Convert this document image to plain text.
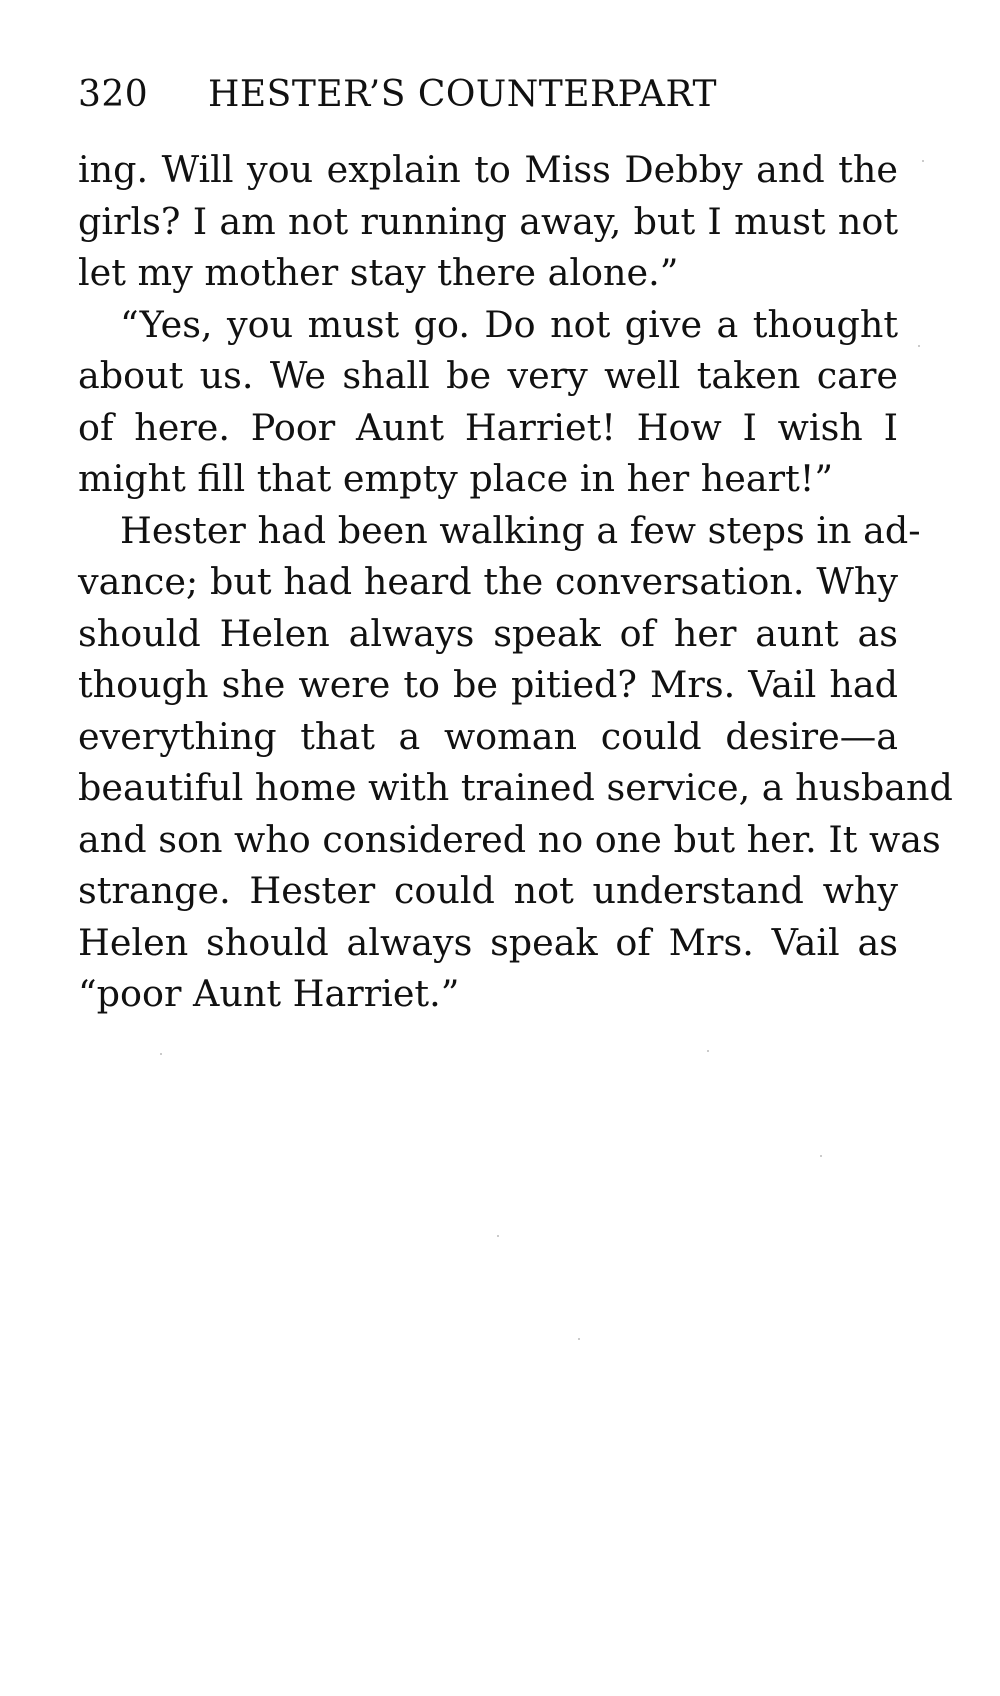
320 HESTER’S COUNTERPART
ing. Will you explain to Miss Debby and the
girls? I am not running away, but I must not
let my mother stay there alone.”
“Yes, you must go. Do not give a thought
about us. We shall be very well taken care
of here. Poor Aunt Harriet! How I wish I
might fill that empty place in her heart!”
Hester had been walking a few steps in ad-
vance; but had heard the conversation. Why
should Helen always speak of her aunt as
though she were to be pitied? Mrs. Vail had
everything that a woman could desire—a
beautiful home with trained service, a husband
and son who considered no one but her. It was
strange. Hester could not understand why
Helen should always speak of Mrs. Vail as
“poor Aunt Harriet.”
